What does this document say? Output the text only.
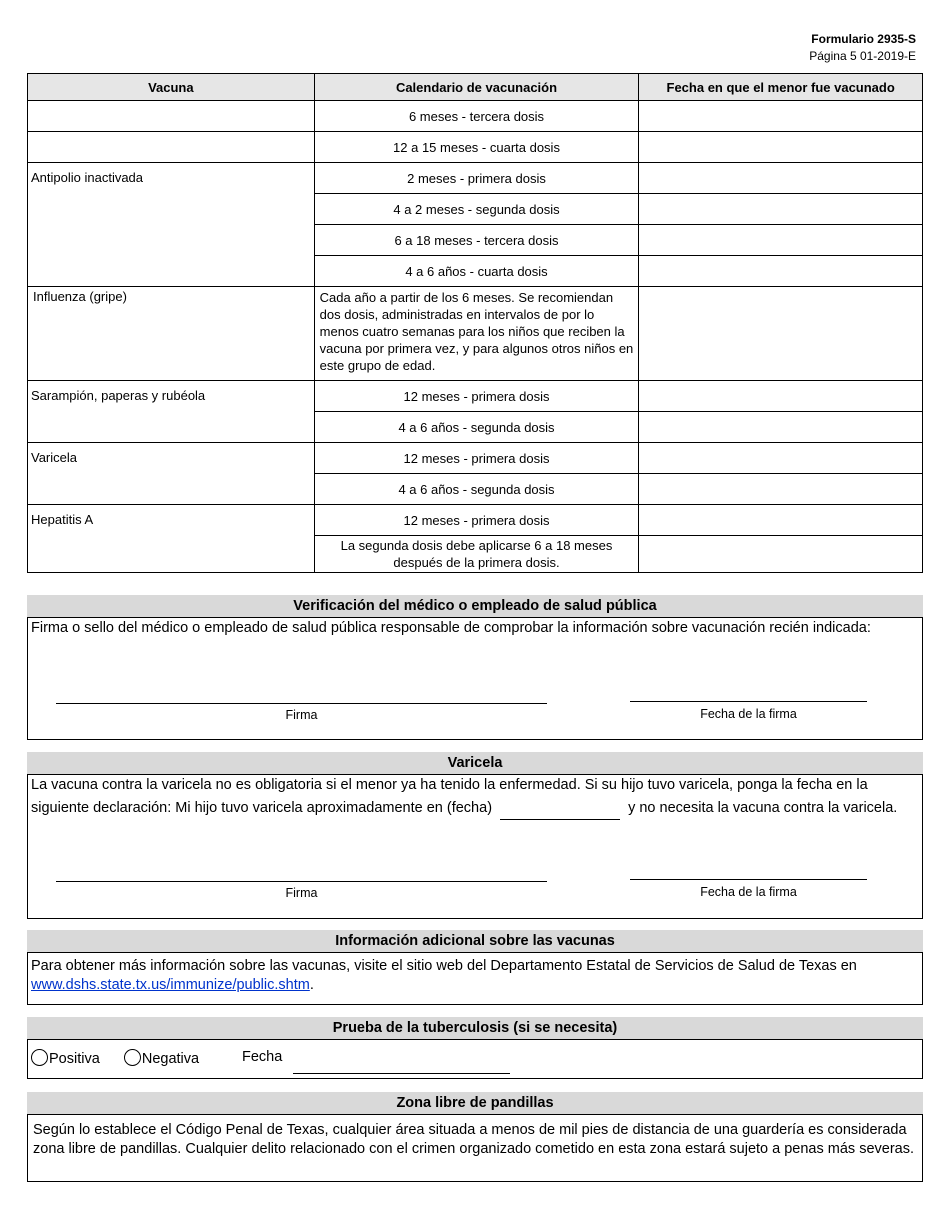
Formulario 2935-S
Página 5 01-2019-E
Vacuna	Calendario de vacunación	Fecha en que el menor fue vacunado
	6 meses - tercera dosis	
	12 a 15 meses - cuarta dosis	
Antipolio inactivada	2 meses - primera dosis	
	4 a 2 meses - segunda dosis	
	6 a 18 meses - tercera dosis	
	4 a 6 años - cuarta dosis	
Influenza (gripe)	Cada año a partir de los 6 meses. Se recomiendan dos dosis, administradas en intervalos de por lo menos cuatro semanas para los niños que reciben la vacuna por primera vez, y para algunos otros niños en este grupo de edad.	
Sarampión, paperas y rubéola	12 meses - primera dosis	
	4 a 6 años - segunda dosis	
Varicela	12 meses - primera dosis	
	4 a 6 años - segunda dosis	
Hepatitis A	12 meses - primera dosis	
	La segunda dosis debe aplicarse 6 a 18 meses después de la primera dosis.	
Verificación del médico o empleado de salud pública
Firma o sello del médico o empleado de salud pública responsable de comprobar la información sobre vacunación recién indicada:
Firma	Fecha de la firma
Varicela
La vacuna contra la varicela no es obligatoria si el menor ya ha tenido la enfermedad. Si su hijo tuvo varicela, ponga la fecha en la siguiente declaración: Mi hijo tuvo varicela aproximadamente en (fecha)	y no necesita la vacuna contra la varicela.
Firma	Fecha de la firma
Información adicional sobre las vacunas
Para obtener más información sobre las vacunas, visite el sitio web del Departamento Estatal de Servicios de Salud de Texas en www.dshs.state.tx.us/immunize/public.shtm.
Prueba de la tuberculosis (si se necesita)
Positiva	Negativa	Fecha
Zona libre de pandillas
Según lo establece el Código Penal de Texas, cualquier área situada a menos de mil pies de distancia de una guardería es considerada zona libre de pandillas. Cualquier delito relacionado con el crimen organizado cometido en esta zona estará sujeto a penas más severas.
